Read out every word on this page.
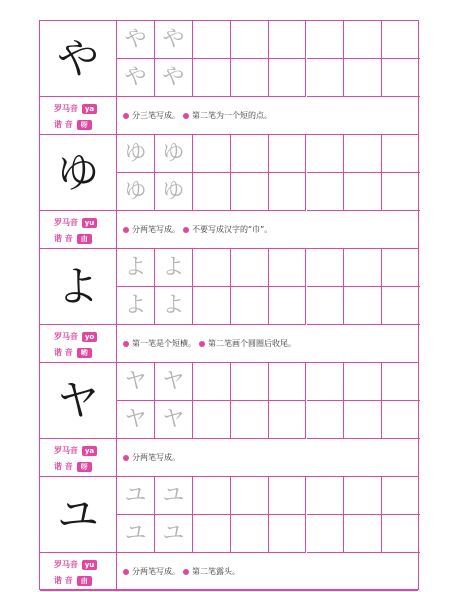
や や や
や や
罗马音 ya
谐 音	呀
分三笔写成。 第二笔为一个短的点。
ゆ ゆ ゆ
ゆ ゆ
罗马音 yu
谐 音	由
分两笔写成。 不要写成汉字的“巾”。
よ よ よ
よ よ
罗马音 yo
谐 音	哟
第一笔是个短横。 第二笔画个圆圈后收尾。
ヤ ヤ ヤ
ヤ ヤ
罗马音 ya
谐 音	呀
分两笔写成。
ユ ユ ユ
ユ ユ
罗马音 yu
谐 音	由
分两笔写成。 第二笔露头。
